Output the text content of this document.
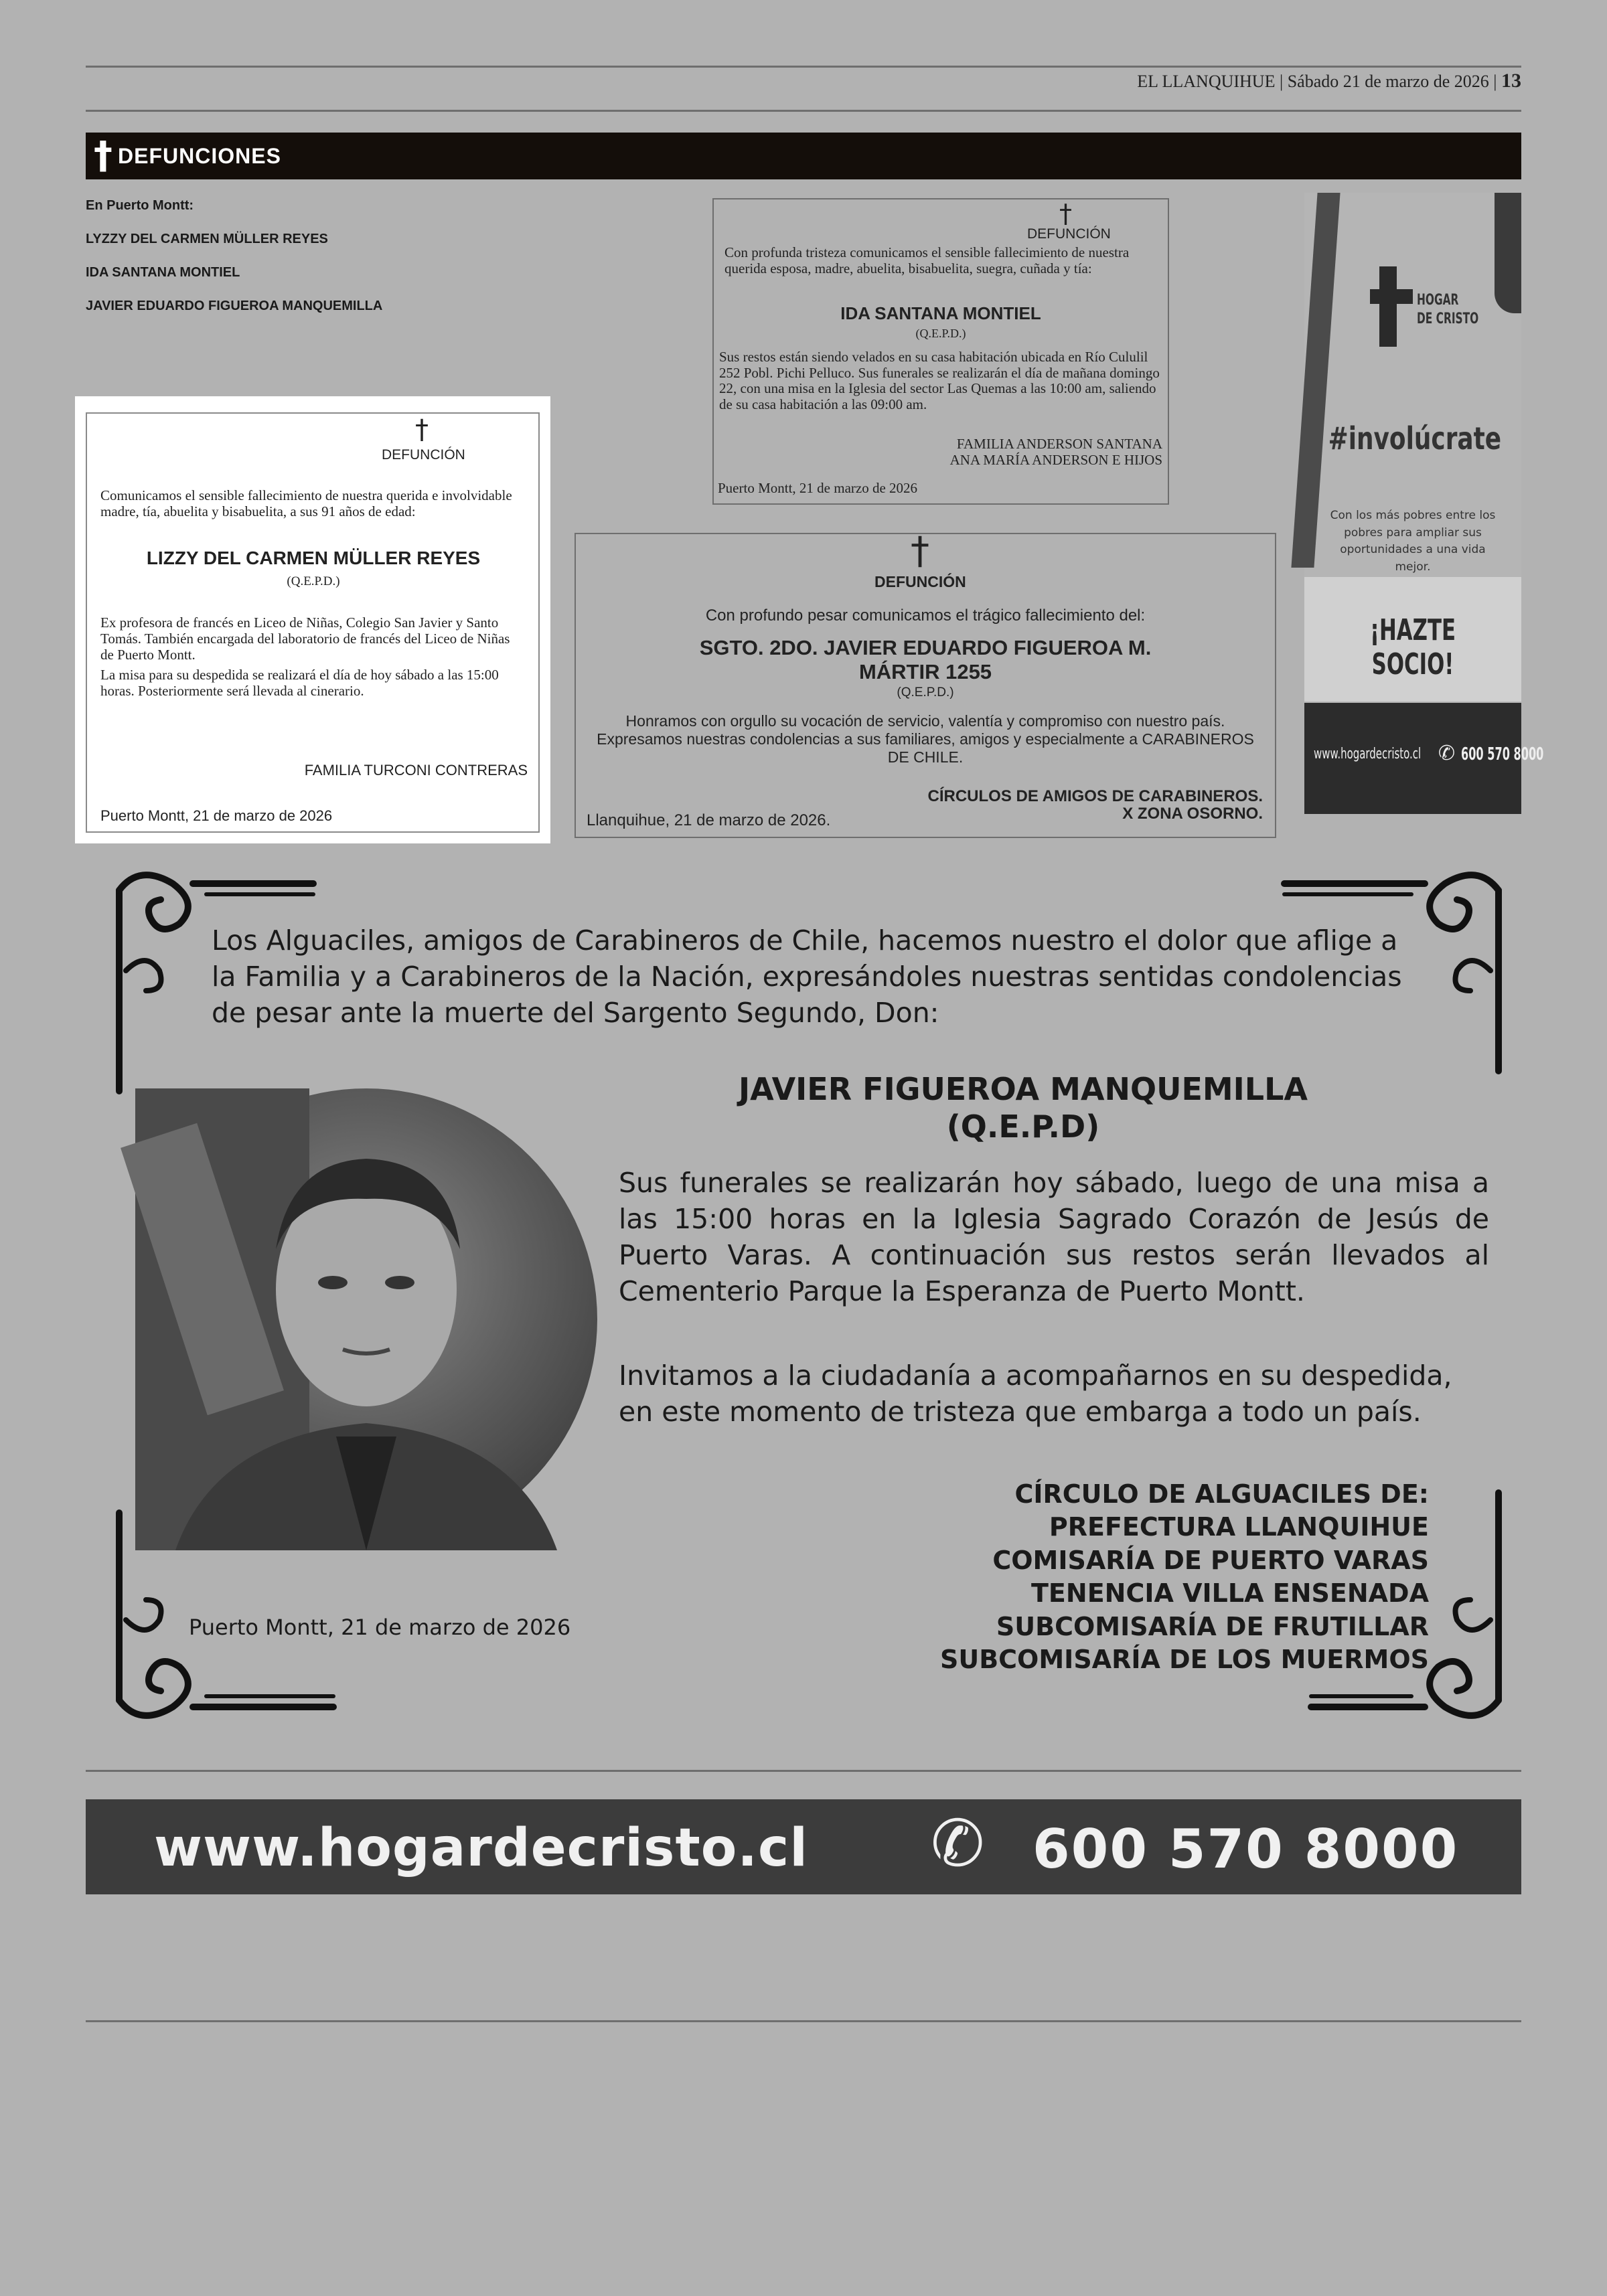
EL LLANQUIHUE | Sábado 21 de marzo de 2026 | 13
† DEFUNCIONES
En Puerto Montt:
LYZZY DEL CARMEN MÜLLER REYES
IDA SANTANA MONTIEL
JAVIER EDUARDO FIGUEROA MANQUEMILLA
†
DEFUNCIÓN
Comunicamos el sensible fallecimiento de nuestra querida e involvidable madre, tía, abuelita y bisabuelita, a sus 91 años de edad:
LIZZY DEL CARMEN MÜLLER REYES
(Q.E.P.D.)
Ex profesora de francés en Liceo de Niñas, Colegio San Javier y Santo Tomás. También encargada del laboratorio de francés del Liceo de Niñas de Puerto Montt.
La misa para su despedida se realizará el día de hoy sábado a las 15:00 horas. Posteriormente será llevada al cinerario.
FAMILIA TURCONI CONTRERAS
Puerto Montt, 21 de marzo de 2026
†
DEFUNCIÓN
Con profunda tristeza comunicamos el sensible fallecimiento de nuestra querida esposa, madre, abuelita, bisabuelita, suegra, cuñada y tía:
IDA SANTANA MONTIEL
(Q.E.P.D.)
Sus restos están siendo velados en su casa habitación ubicada en Río Cululil 252 Pobl. Pichi Pelluco. Sus funerales se realizarán el día de mañana domingo 22, con una misa en la Iglesia del sector Las Quemas a las 10:00 am, saliendo de su casa habitación a las 09:00 am.
FAMILIA ANDERSON SANTANA
ANA MARÍA ANDERSON E HIJOS
Puerto Montt, 21 de marzo de 2026
†
DEFUNCIÓN
Con profundo pesar comunicamos el trágico fallecimiento del:
SGTO. 2DO. JAVIER EDUARDO FIGUEROA M.
MÁRTIR 1255
(Q.E.P.D.)
Honramos con orgullo su vocación de servicio, valentía y compromiso con nuestro país. Expresamos nuestras condolencias a sus familiares, amigos y especialmente a CARABINEROS DE CHILE.
CÍRCULOS DE AMIGOS DE CARABINEROS.
X ZONA OSORNO.
Llanquihue, 21 de marzo de 2026.
HOGAR
DE CRISTO
#involúcrate
Con los más pobres entre los pobres para ampliar sus oportunidades a una vida mejor.
¡HAZTE SOCIO!
www.hogardecristo.cl ✆ 600 570 8000
Los Alguaciles, amigos de Carabineros de Chile, hacemos nuestro el dolor que aflige a la Familia y a Carabineros de la Nación, expresándoles nuestras sentidas condolencias de pesar ante la muerte del Sargento Segundo, Don:
JAVIER FIGUEROA MANQUEMILLA
(Q.E.P.D)
Sus funerales se realizarán hoy sábado, luego de una misa a las 15:00 horas en la Iglesia Sagrado Corazón de Jesús de Puerto Varas. A continuación sus restos serán llevados al Cementerio Parque la Esperanza de Puerto Montt.
Invitamos a la ciudadanía a acompañarnos en su despedida, en este momento de tristeza que embarga a todo un país.
CÍRCULO DE ALGUACILES DE:
PREFECTURA LLANQUIHUE
COMISARÍA DE PUERTO VARAS
TENENCIA VILLA ENSENADA
SUBCOMISARÍA DE FRUTILLAR
SUBCOMISARÍA DE LOS MUERMOS
Puerto Montt, 21 de marzo de 2026
www.hogardecristo.cl ✆ 600 570 8000
